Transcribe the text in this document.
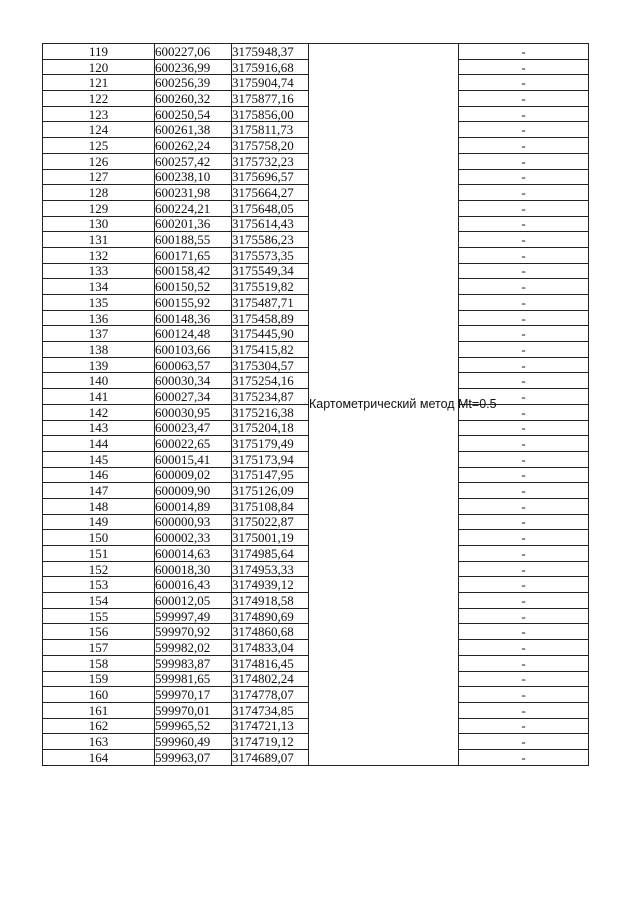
119	600227,06	3175948,37	Картометрический метод Mt=0.5	-
120	600236,99	3175916,68		-
121	600256,39	3175904,74		-
122	600260,32	3175877,16		-
123	600250,54	3175856,00		-
124	600261,38	3175811,73		-
125	600262,24	3175758,20		-
126	600257,42	3175732,23		-
127	600238,10	3175696,57		-
128	600231,98	3175664,27		-
129	600224,21	3175648,05		-
130	600201,36	3175614,43		-
131	600188,55	3175586,23		-
132	600171,65	3175573,35		-
133	600158,42	3175549,34		-
134	600150,52	3175519,82		-
135	600155,92	3175487,71		-
136	600148,36	3175458,89		-
137	600124,48	3175445,90		-
138	600103,66	3175415,82		-
139	600063,57	3175304,57		-
140	600030,34	3175254,16		-
141	600027,34	3175234,87		-
142	600030,95	3175216,38		-
143	600023,47	3175204,18		-
144	600022,65	3175179,49		-
145	600015,41	3175173,94		-
146	600009,02	3175147,95		-
147	600009,90	3175126,09		-
148	600014,89	3175108,84		-
149	600000,93	3175022,87		-
150	600002,33	3175001,19		-
151	600014,63	3174985,64		-
152	600018,30	3174953,33		-
153	600016,43	3174939,12		-
154	600012,05	3174918,58		-
155	599997,49	3174890,69		-
156	599970,92	3174860,68		-
157	599982,02	3174833,04		-
158	599983,87	3174816,45		-
159	599981,65	3174802,24		-
160	599970,17	3174778,07		-
161	599970,01	3174734,85		-
162	599965,52	3174721,13		-
163	599960,49	3174719,12		-
164	599963,07	3174689,07		-
